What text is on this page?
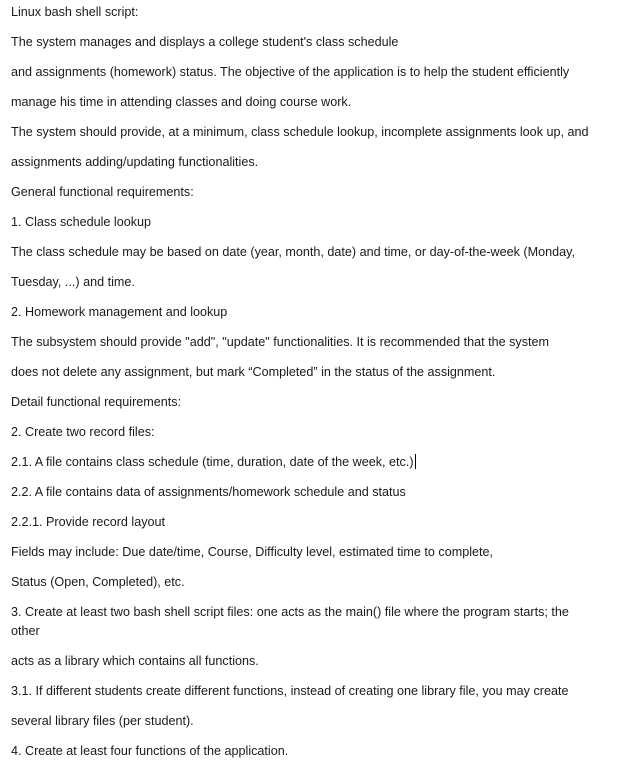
Linux bash shell script:
The system manages and displays a college student's class schedule
and assignments (homework) status. The objective of the application is to help the student efficiently
manage his time in attending classes and doing course work.
The system should provide, at a minimum, class schedule lookup, incomplete assignments look up, and
assignments adding/updating functionalities.
General functional requirements:
1. Class schedule lookup
The class schedule may be based on date (year, month, date) and time, or day-of-the-week (Monday,
Tuesday, ...) and time.
2. Homework management and lookup
The subsystem should provide "add", "update" functionalities. It is recommended that the system
does not delete any assignment, but mark “Completed” in the status of the assignment.
Detail functional requirements:
2. Create two record files:
2.1. A file contains class schedule (time, duration, date of the week, etc.)
2.2. A file contains data of assignments/homework schedule and status
2.2.1. Provide record layout
Fields may include: Due date/time, Course, Difficulty level, estimated time to complete,
Status (Open, Completed), etc.
3. Create at least two bash shell script files: one acts as the main() file where the program starts; the
other
acts as a library which contains all functions.
3.1. If different students create different functions, instead of creating one library file, you may create
several library files (per student).
4. Create at least four functions of the application.
